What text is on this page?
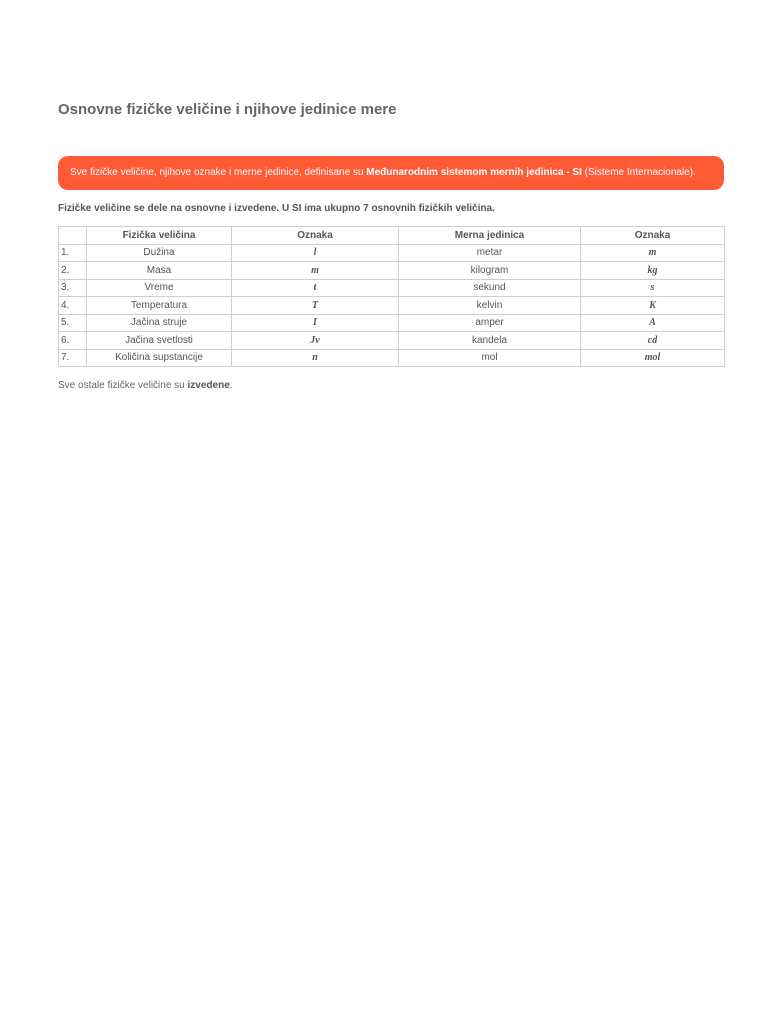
Osnovne fizičke veličine i njihove jedinice mere
Sve fizičke veličine, njihove oznake i merne jedinice, definisane su Međunarodnim sistemom mernih jedinica - SI (Sisteme Internacionale).
Fizičke veličine se dele na osnovne i izvedene. U SI ima ukupno 7 osnovnih fizičkih veličina.
	Fizička veličina	Oznaka	Merna jedinica	Oznaka
1.	Dužina	l	metar	m
2.	Masa	m	kilogram	kg
3.	Vreme	t	sekund	s
4.	Temperatura	T	kelvin	K
5.	Jačina struje	I	amper	A
6.	Jačina svetlosti	Jv	kandela	cd
7.	Količina supstancije	n	mol	mol
Sve ostale fizičke veličine su izvedene.
